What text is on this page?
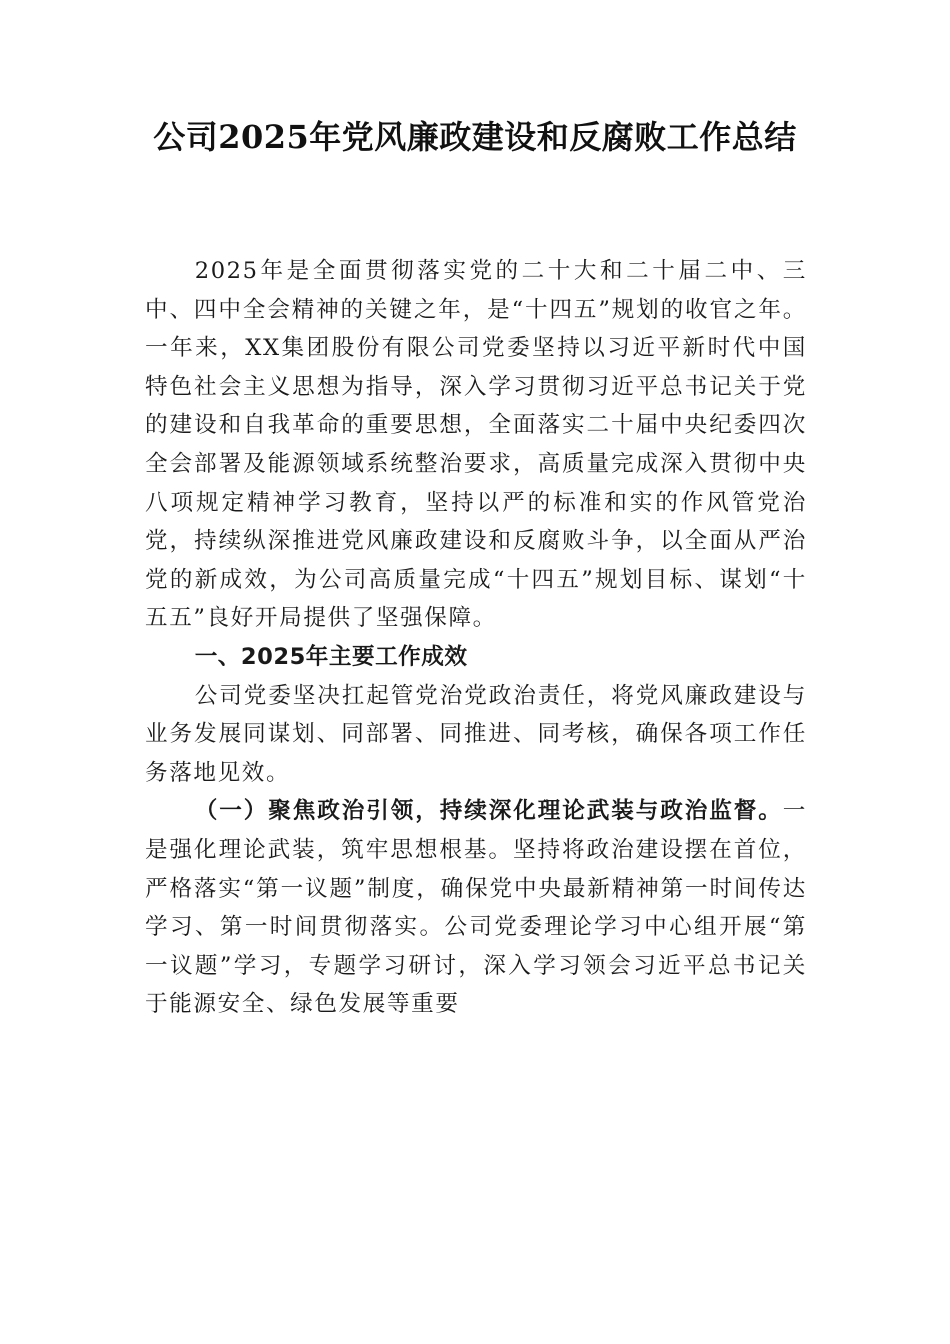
公司2025年党风廉政建设和反腐败工作总结

2025年是全面贯彻落实党的二十大和二十届二中、三中、四中全会精神的关键之年，是“十四五”规划的收官之年。一年来，XX集团股份有限公司党委坚持以习近平新时代中国特色社会主义思想为指导，深入学习贯彻习近平总书记关于党的建设和自我革命的重要思想，全面落实二十届中央纪委四次全会部署及能源领域系统整治要求，高质量完成深入贯彻中央八项规定精神学习教育，坚持以严的标准和实的作风管党治党，持续纵深推进党风廉政建设和反腐败斗争，以全面从严治党的新成效，为公司高质量完成“十四五”规划目标、谋划“十五五”良好开局提供了坚强保障。

一、2025年主要工作成效

公司党委坚决扛起管党治党政治责任，将党风廉政建设与业务发展同谋划、同部署、同推进、同考核，确保各项工作任务落地见效。

（一）聚焦政治引领，持续深化理论武装与政治监督。一是强化理论武装，筑牢思想根基。坚持将政治建设摆在首位，严格落实“第一议题”制度，确保党中央最新精神第一时间传达学习、第一时间贯彻落实。公司党委理论学习中心组开展“第一议题”学习，专题学习研讨，深入学习领会习近平总书记关于能源安全、绿色发展等重要
